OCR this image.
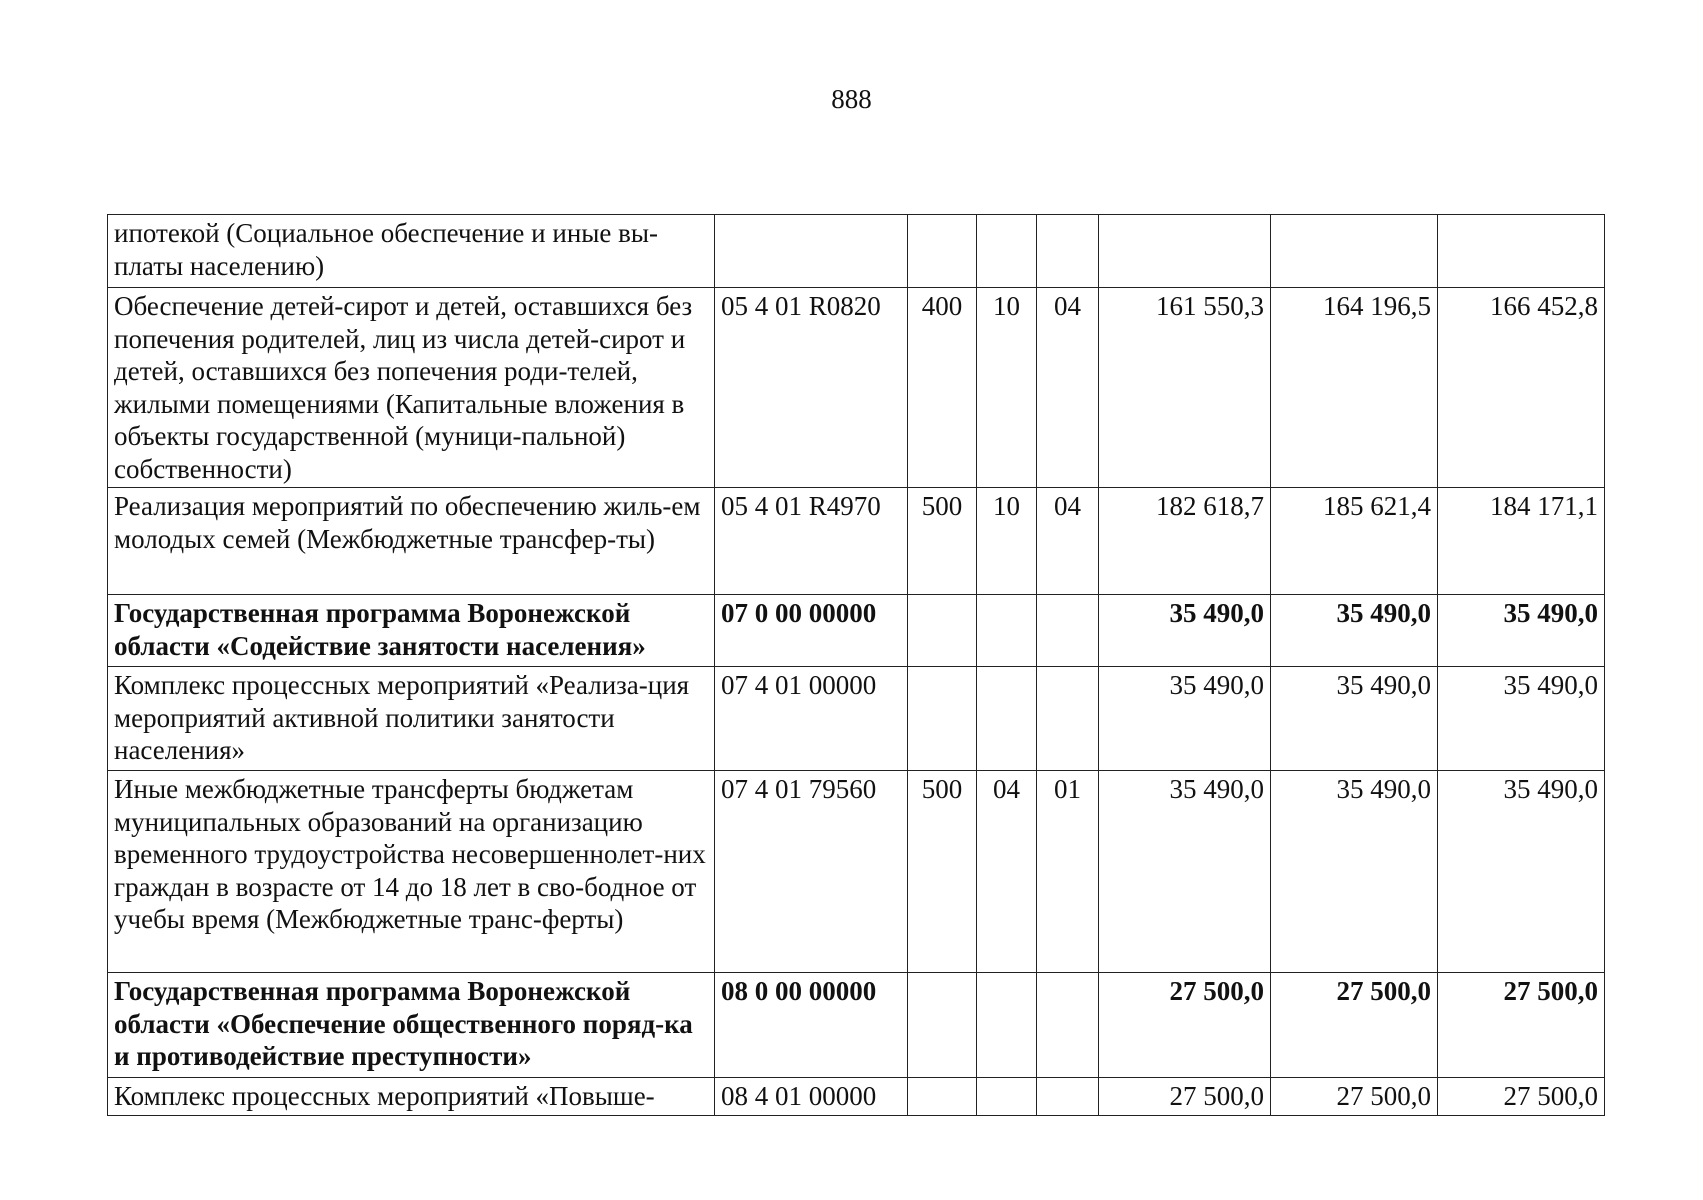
888
ипотекой (Социальное обеспечение и иные вы-платы населению)							
Обеспечение детей-сирот и детей, оставшихся без попечения родителей, лиц из числа детей-сирот и детей, оставшихся без попечения роди-телей, жилыми помещениями (Капитальные вложения в объекты государственной (муници-пальной) собственности)	05 4 01 R0820	400	10	04	161 550,3	164 196,5	166 452,8
Реализация мероприятий по обеспечению жиль-ем молодых семей (Межбюджетные трансфер-ты)	05 4 01 R4970	500	10	04	182 618,7	185 621,4	184 171,1
Государственная программа Воронежской области «Содействие занятости населения»	07 0 00 00000				35 490,0	35 490,0	35 490,0
Комплекс процессных мероприятий «Реализа-ция мероприятий активной политики занятости населения»	07 4 01 00000				35 490,0	35 490,0	35 490,0
Иные межбюджетные трансферты бюджетам муниципальных образований на организацию временного трудоустройства несовершеннолет-них граждан в возрасте от 14 до 18 лет в сво-бодное от учебы время (Межбюджетные транс-ферты)	07 4 01 79560	500	04	01	35 490,0	35 490,0	35 490,0
Государственная программа Воронежской области «Обеспечение общественного поряд-ка и противодействие преступности»	08 0 00 00000				27 500,0	27 500,0	27 500,0
Комплекс процессных мероприятий «Повыше-	08 4 01 00000				27 500,0	27 500,0	27 500,0
